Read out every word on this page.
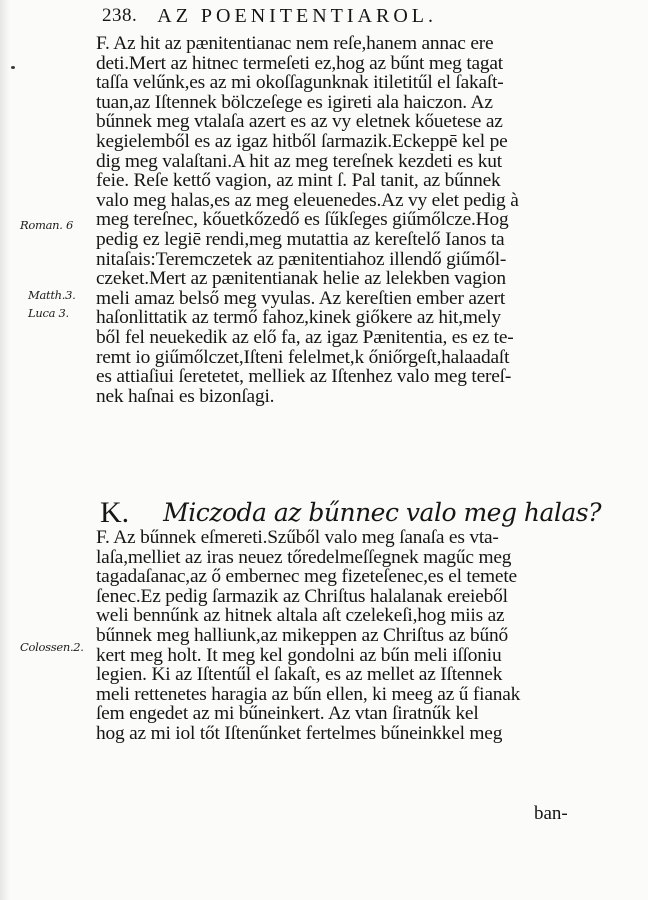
238. AZ POENITENTIAROL.
Roman. 6
Matth.3.
Luca 3.
Colossen.2.
F. Az hit az pænitentianac nem reſe,hanem annac ere
deti.Mert az hitnec termeſeti ez,hog az bűnt meg tagat
taſſa velűnk,es az mi okoſſagunknak itiletitűl el ſakaſt-
tuan,az Iſtennek bölczeſege es igireti ala haiczon. Az
bűnnek meg vtalaſa azert es az vy eletnek kőuetese az
kegielemből es az igaz hitből ſarmazik.Eckeppē kel pe
dig meg valaſtani.A hit az meg tereſnek kezdeti es kut
feie. Reſe kettő vagion, az mint ſ. Pal tanit, az bűnnek
valo meg halas,es az meg eleuenedes.Az vy elet pedig à
meg tereſnec, kőuetkőzedő es ſűkſeges giűmőlcze.Hog
pedig ez legiē rendi,meg mutattia az kereſtelő Ianos ta
nitaſais:Teremczetek az pænitentiahoz illendő giűmől-
czeket.Mert az pænitentianak helie az lelekben vagion
meli amaz belső meg vyulas. Az kereſtien ember azert
haſonlittatik az termő fahoz,kinek giőkere az hit,mely
ből fel neuekedik az elő fa, az igaz Pænitentia, es ez te-
remt io giűmőlczet,Iſteni felelmet,k őniőrgeſt,halaadaſt
es attiaſiui ſeretetet, melliek az Iſtenhez valo meg tereſ-
nek haſnai es bizonſagi.
K. Miczoda az bűnnec valo meg halas?
F. Az bűnnek eſmereti.Szűből valo meg ſanaſa es vta-
laſa,melliet az iras neuez tőredelmeſſegnek magűc meg
tagadaſanac,az ő embernec meg fizeteſenec,es el temete
ſenec.Ez pedig ſarmazik az Chriſtus halalanak ereieből
weli bennűnk az hitnek altala aſt czelekeſi,hog miis az
bűnnek meg halliunk,az mikeppen az Chriſtus az bűnő
kert meg holt. It meg kel gondolni az bűn meli iſſoniu
legien. Ki az Iſtentűl el ſakaſt, es az mellet az Iſtennek
meli rettenetes haragia az bűn ellen, ki meeg az ű fianak
ſem engedet az mi bűneinkert. Az vtan ſiratnűk kel
hog az mi iol tőt Iſtenűnket fertelmes bűneinkkel meg
ban-
